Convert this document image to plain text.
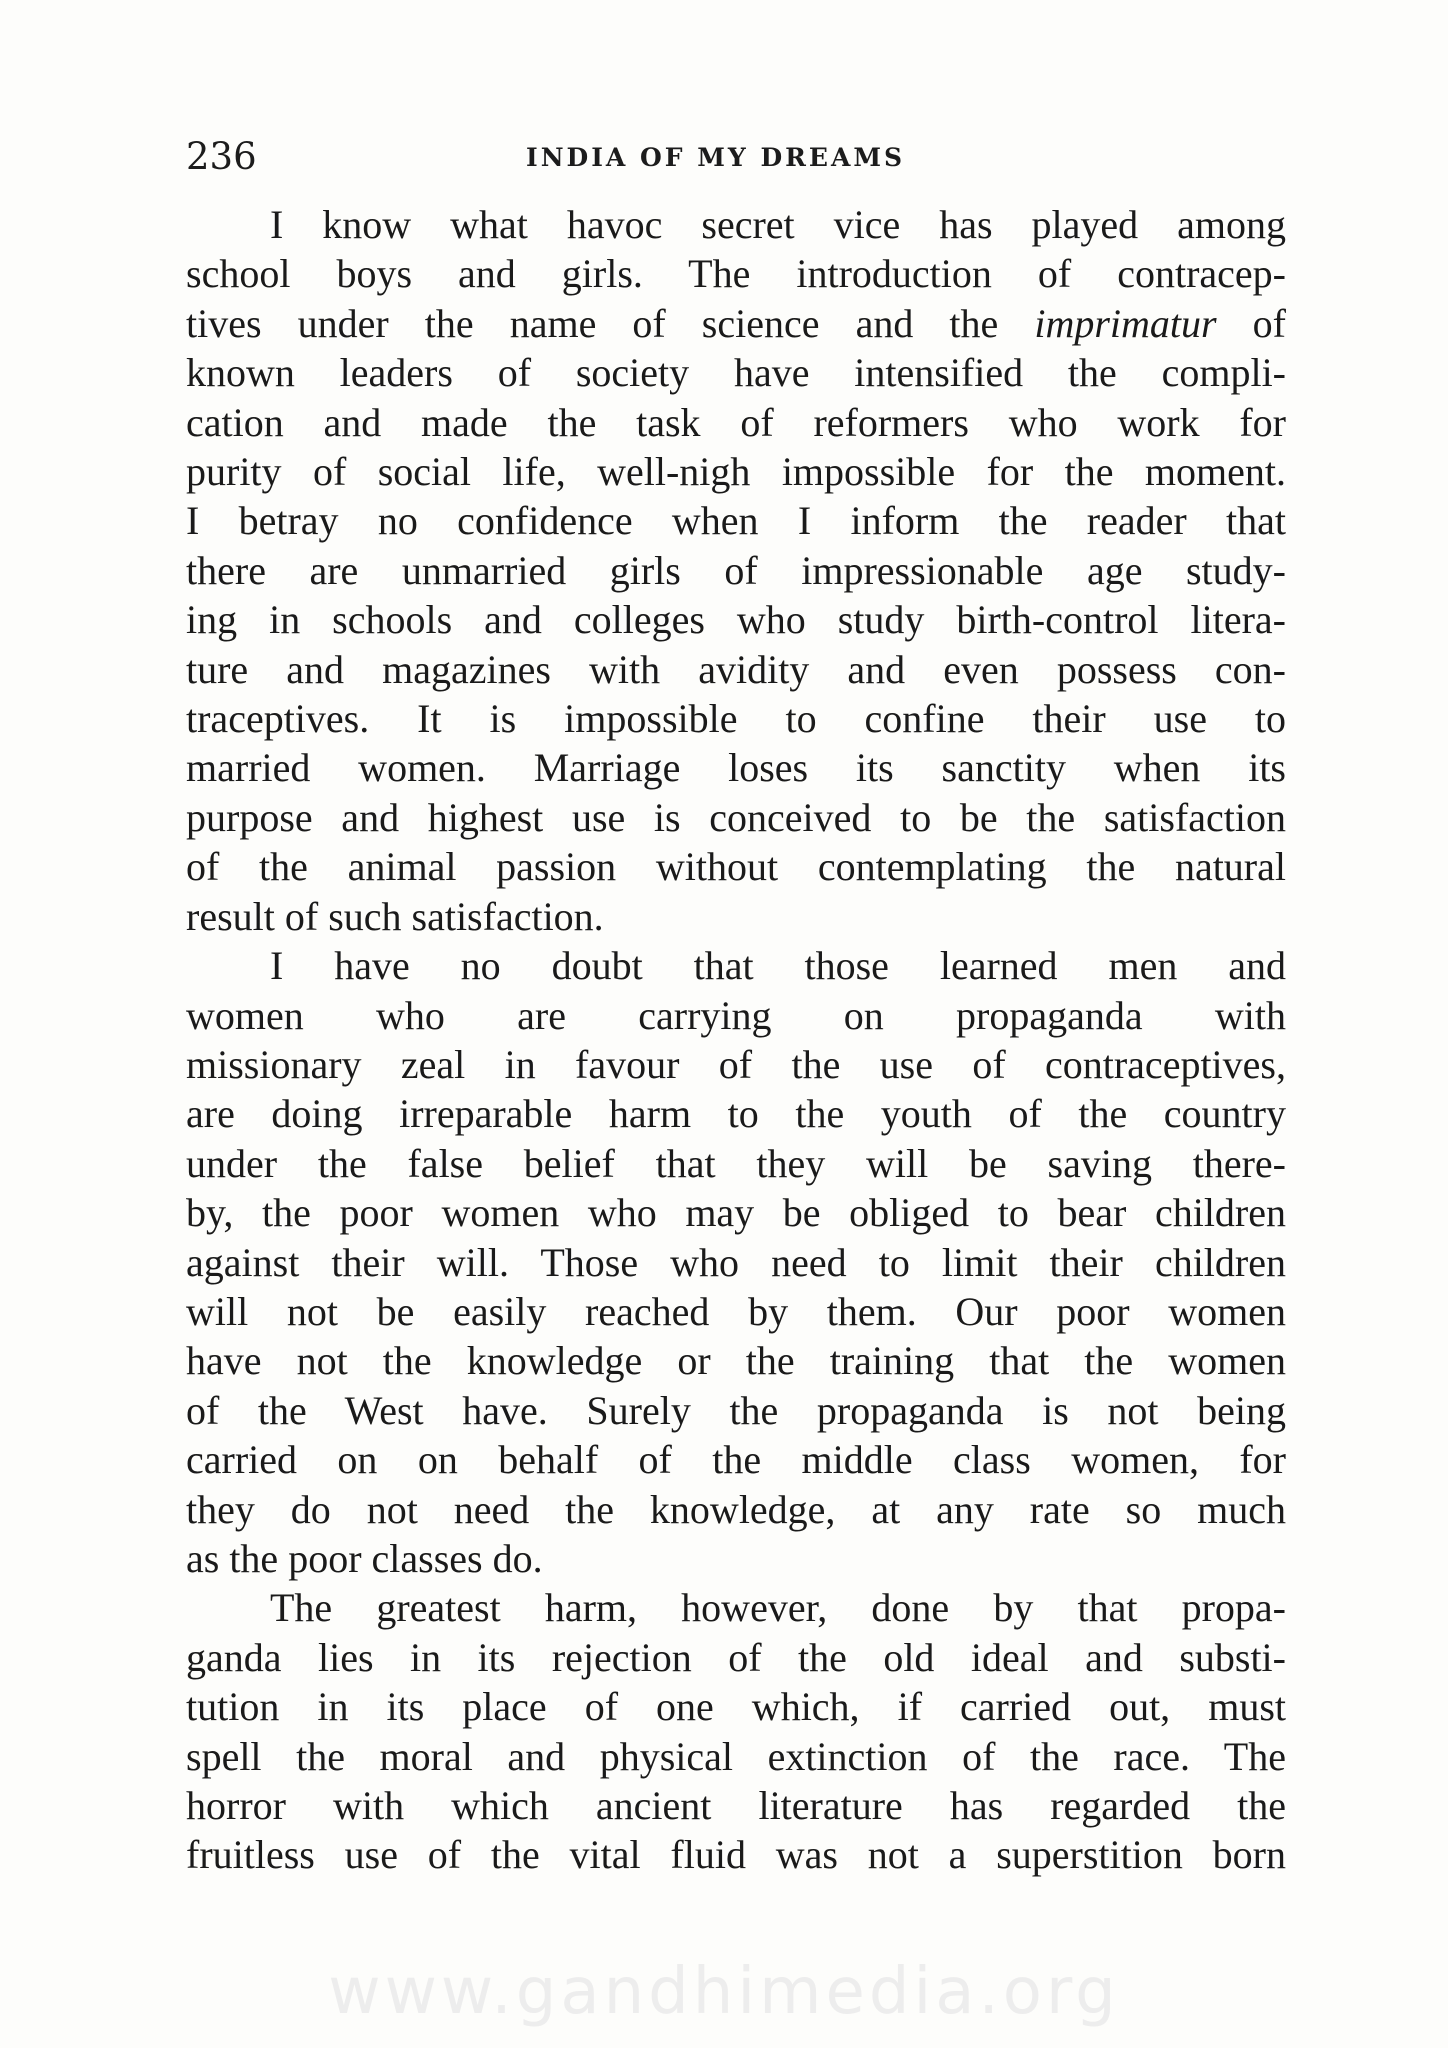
236	INDIA OF MY DREAMS
I know what havoc secret vice has played among
school boys and girls. The introduction of contracep-
tives under the name of science and the imprimatur of
known leaders of society have intensified the compli-
cation and made the task of reformers who work for
purity of social life, well-nigh impossible for the moment.
I betray no confidence when I inform the reader that
there are unmarried girls of impressionable age study-
ing in schools and colleges who study birth-control litera-
ture and magazines with avidity and even possess con-
traceptives. It is impossible to confine their use to
married women. Marriage loses its sanctity when its
purpose and highest use is conceived to be the satisfaction
of the animal passion without contemplating the natural
result of such satisfaction.
I have no doubt that those learned men and
women who are carrying on propaganda with
missionary zeal in favour of the use of contraceptives,
are doing irreparable harm to the youth of the country
under the false belief that they will be saving there-
by, the poor women who may be obliged to bear children
against their will. Those who need to limit their children
will not be easily reached by them. Our poor women
have not the knowledge or the training that the women
of the West have. Surely the propaganda is not being
carried on on behalf of the middle class women, for
they do not need the knowledge, at any rate so much
as the poor classes do.
The greatest harm, however, done by that propa-
ganda lies in its rejection of the old ideal and substi-
tution in its place of one which, if carried out, must
spell the moral and physical extinction of the race. The
horror with which ancient literature has regarded the
fruitless use of the vital fluid was not a superstition born
www.gandhimedia.org
